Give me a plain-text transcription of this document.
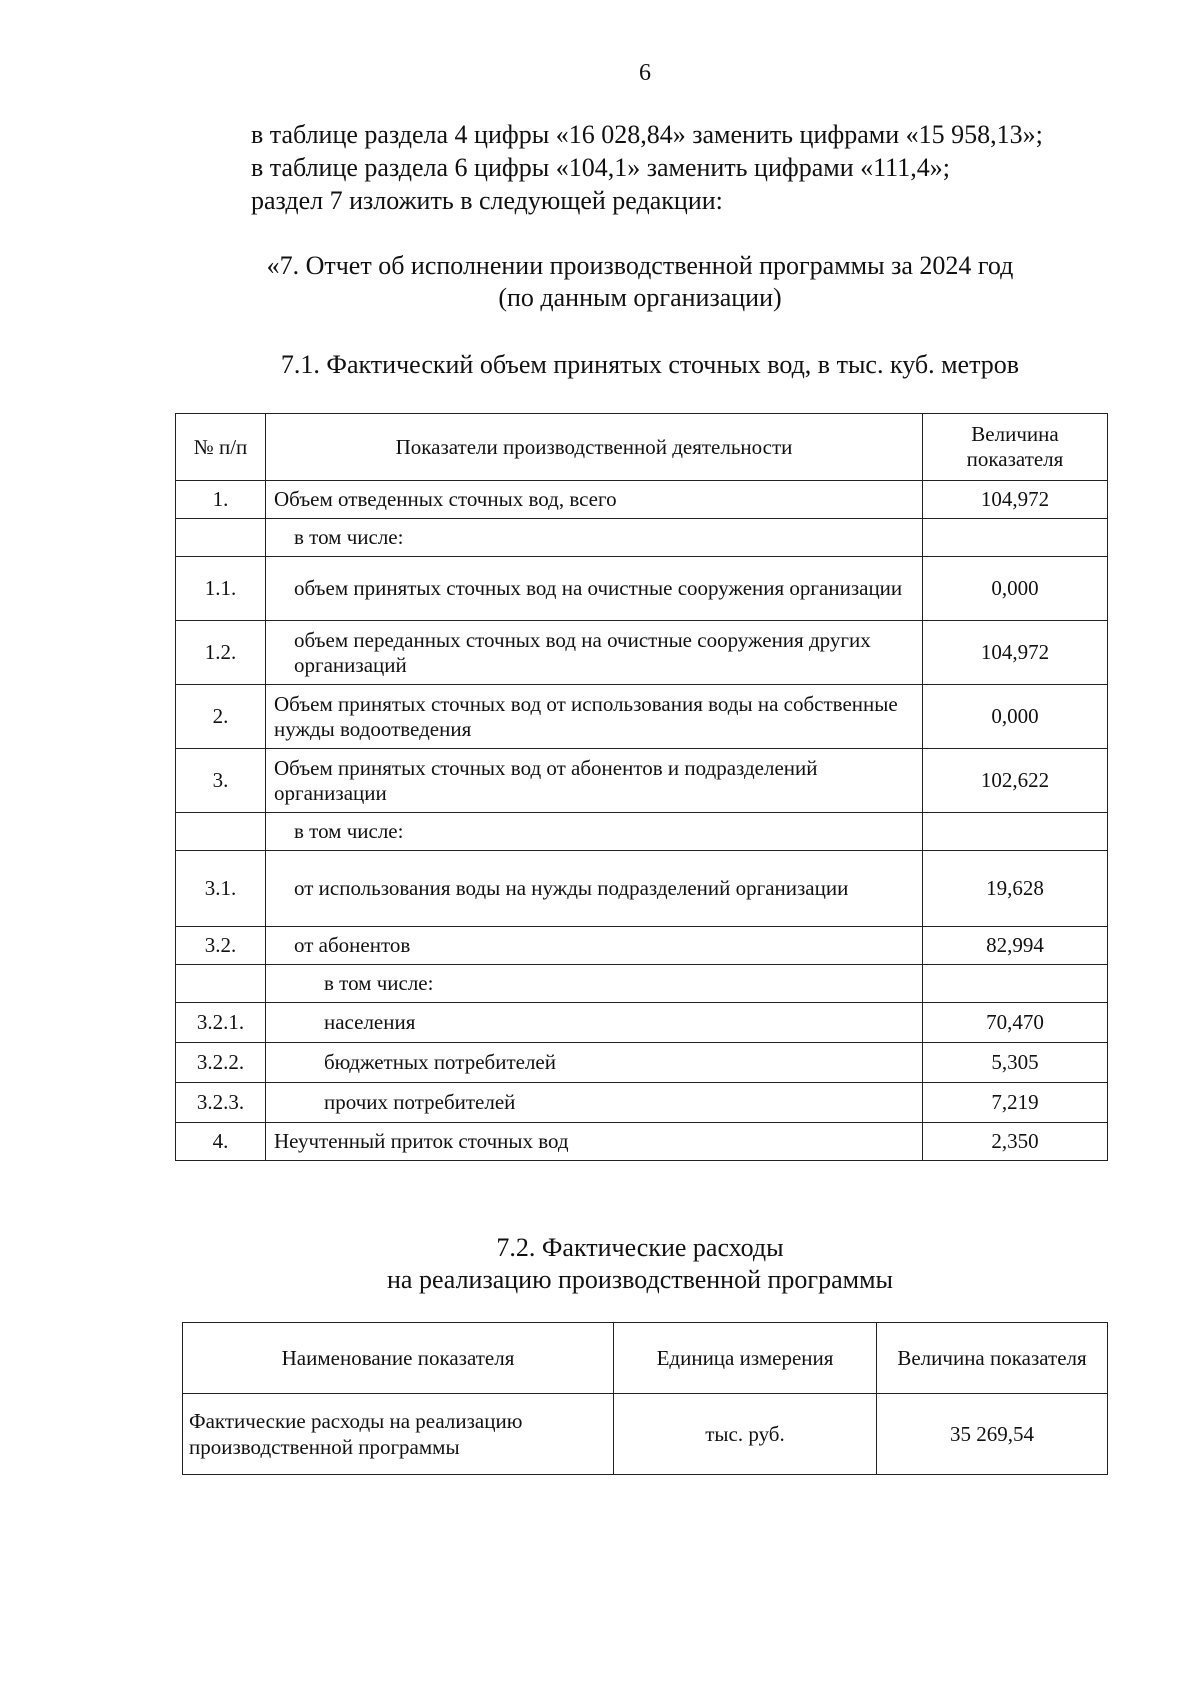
6

в таблице раздела 4 цифры «16 028,84» заменить цифрами «15 958,13»;

в таблице раздела 6 цифры «104,1» заменить цифрами «111,4»;

раздел 7 изложить в следующей редакции:

«7. Отчет об исполнении производственной программы за 2024 год
(по данным организации)
7.1. Фактический объем принятых сточных вод, в тыс. куб. метров
№ п/п	Показатели производственной деятельности	Величина показателя
1.	Объем отведенных сточных вод, всего	104,972
	в том числе:	
1.1.	объем принятых сточных вод на очистные сооружения организации	0,000
1.2.	объем переданных сточных вод на очистные сооружения других организаций	104,972
2.	Объем принятых сточных вод от использования воды на собственные нужды водоотведения	0,000
3.	Объем принятых сточных вод от абонентов и подразделений организации	102,622
	в том числе:	
3.1.	от использования воды на нужды подразделений организации	19,628
3.2.	от абонентов	82,994
	в том числе:	
3.2.1.	населения	70,470
3.2.2.	бюджетных потребителей	5,305
3.2.3.	прочих потребителей	7,219
4.	Неучтенный приток сточных вод	2,350
7.2. Фактические расходы
на реализацию производственной программы
Наименование показателя	Единица измерения	Величина показателя
Фактические расходы на реализацию производственной программы	тыс. руб.	35 269,54
